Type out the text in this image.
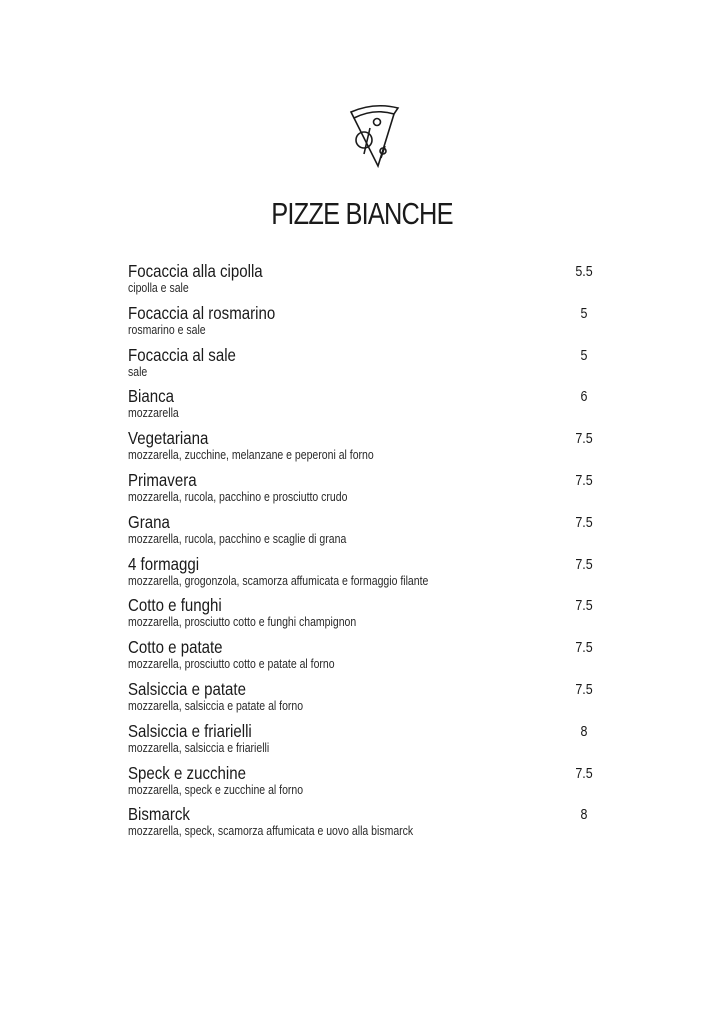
PIZZE BIANCHE
Focaccia alla cipolla
cipolla e sale
5.5
Focaccia al rosmarino
rosmarino e sale
5
Focaccia al sale
sale
5
Bianca
mozzarella
6
Vegetariana
mozzarella, zucchine, melanzane e peperoni al forno
7.5
Primavera
mozzarella, rucola, pacchino e prosciutto crudo
7.5
Grana
mozzarella, rucola, pacchino e scaglie di grana
7.5
4 formaggi
mozzarella, grogonzola, scamorza affumicata e formaggio filante
7.5
Cotto e funghi
mozzarella, prosciutto cotto e funghi champignon
7.5
Cotto e patate
mozzarella, prosciutto cotto e patate al forno
7.5
Salsiccia e patate
mozzarella, salsiccia e patate al forno
7.5
Salsiccia e friarielli
mozzarella, salsiccia e friarielli
8
Speck e zucchine
mozzarella, speck e zucchine al forno
7.5
Bismarck
mozzarella, speck, scamorza affumicata e uovo alla bismarck
8
